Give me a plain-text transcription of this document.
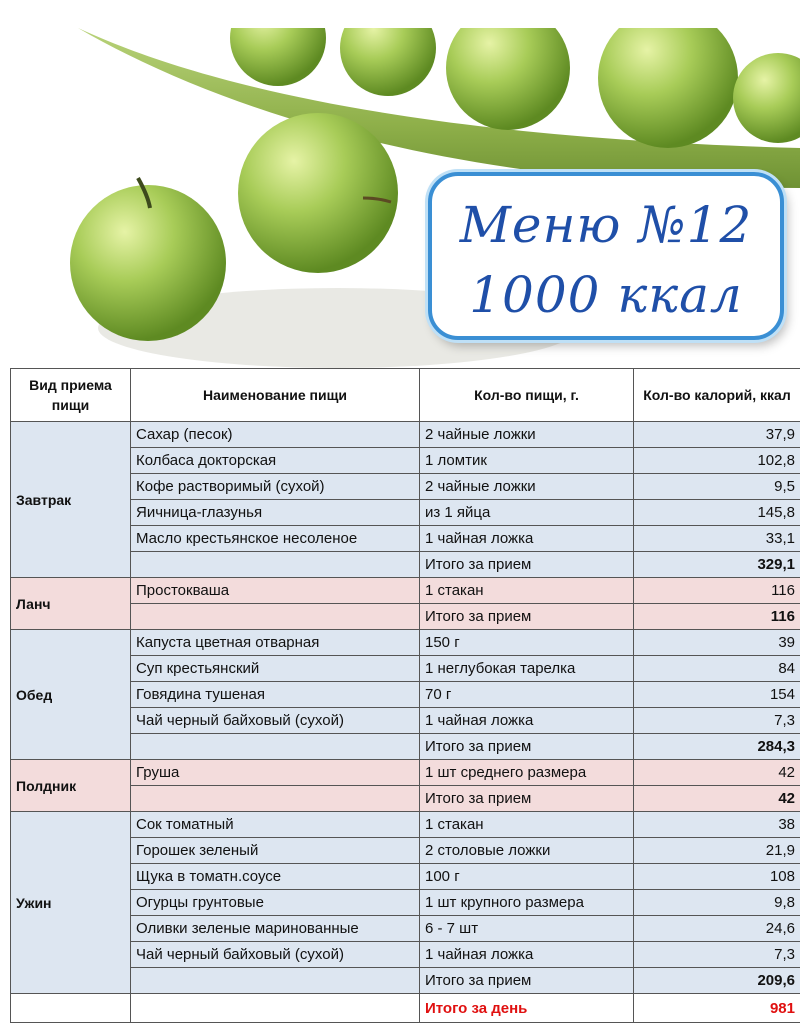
Меню №12
1000 ккал
Вид приема пищи	Наименование пищи	Кол-во пищи, г.	Кол-во калорий, ккал
Завтрак	Сахар (песок)	2 чайные ложки	37,9
	Колбаса докторская	1 ломтик	102,8
	Кофе растворимый (сухой)	2 чайные ложки	9,5
	Яичница-глазунья	из 1 яйца	145,8
	Масло крестьянское несоленое	1 чайная ложка	33,1
		Итого за прием	329,1
Ланч	Простокваша	1 стакан	116
		Итого за прием	116
Обед	Капуста цветная отварная	150 г	39
	Суп крестьянский	1 неглубокая тарелка	84
	Говядина тушеная	70 г	154
	Чай черный байховый (сухой)	1 чайная ложка	7,3
		Итого за прием	284,3
Полдник	Груша	1 шт среднего размера	42
		Итого за прием	42
Ужин	Сок томатный	1 стакан	38
	Горошек зеленый	2 столовые ложки	21,9
	Щука в томатн.соусе	100 г	108
	Огурцы грунтовые	1 шт крупного размера	9,8
	Оливки зеленые маринованные	6 - 7 шт	24,6
	Чай черный байховый (сухой)	1 чайная ложка	7,3
		Итого за прием	209,6
		Итого за день	981
